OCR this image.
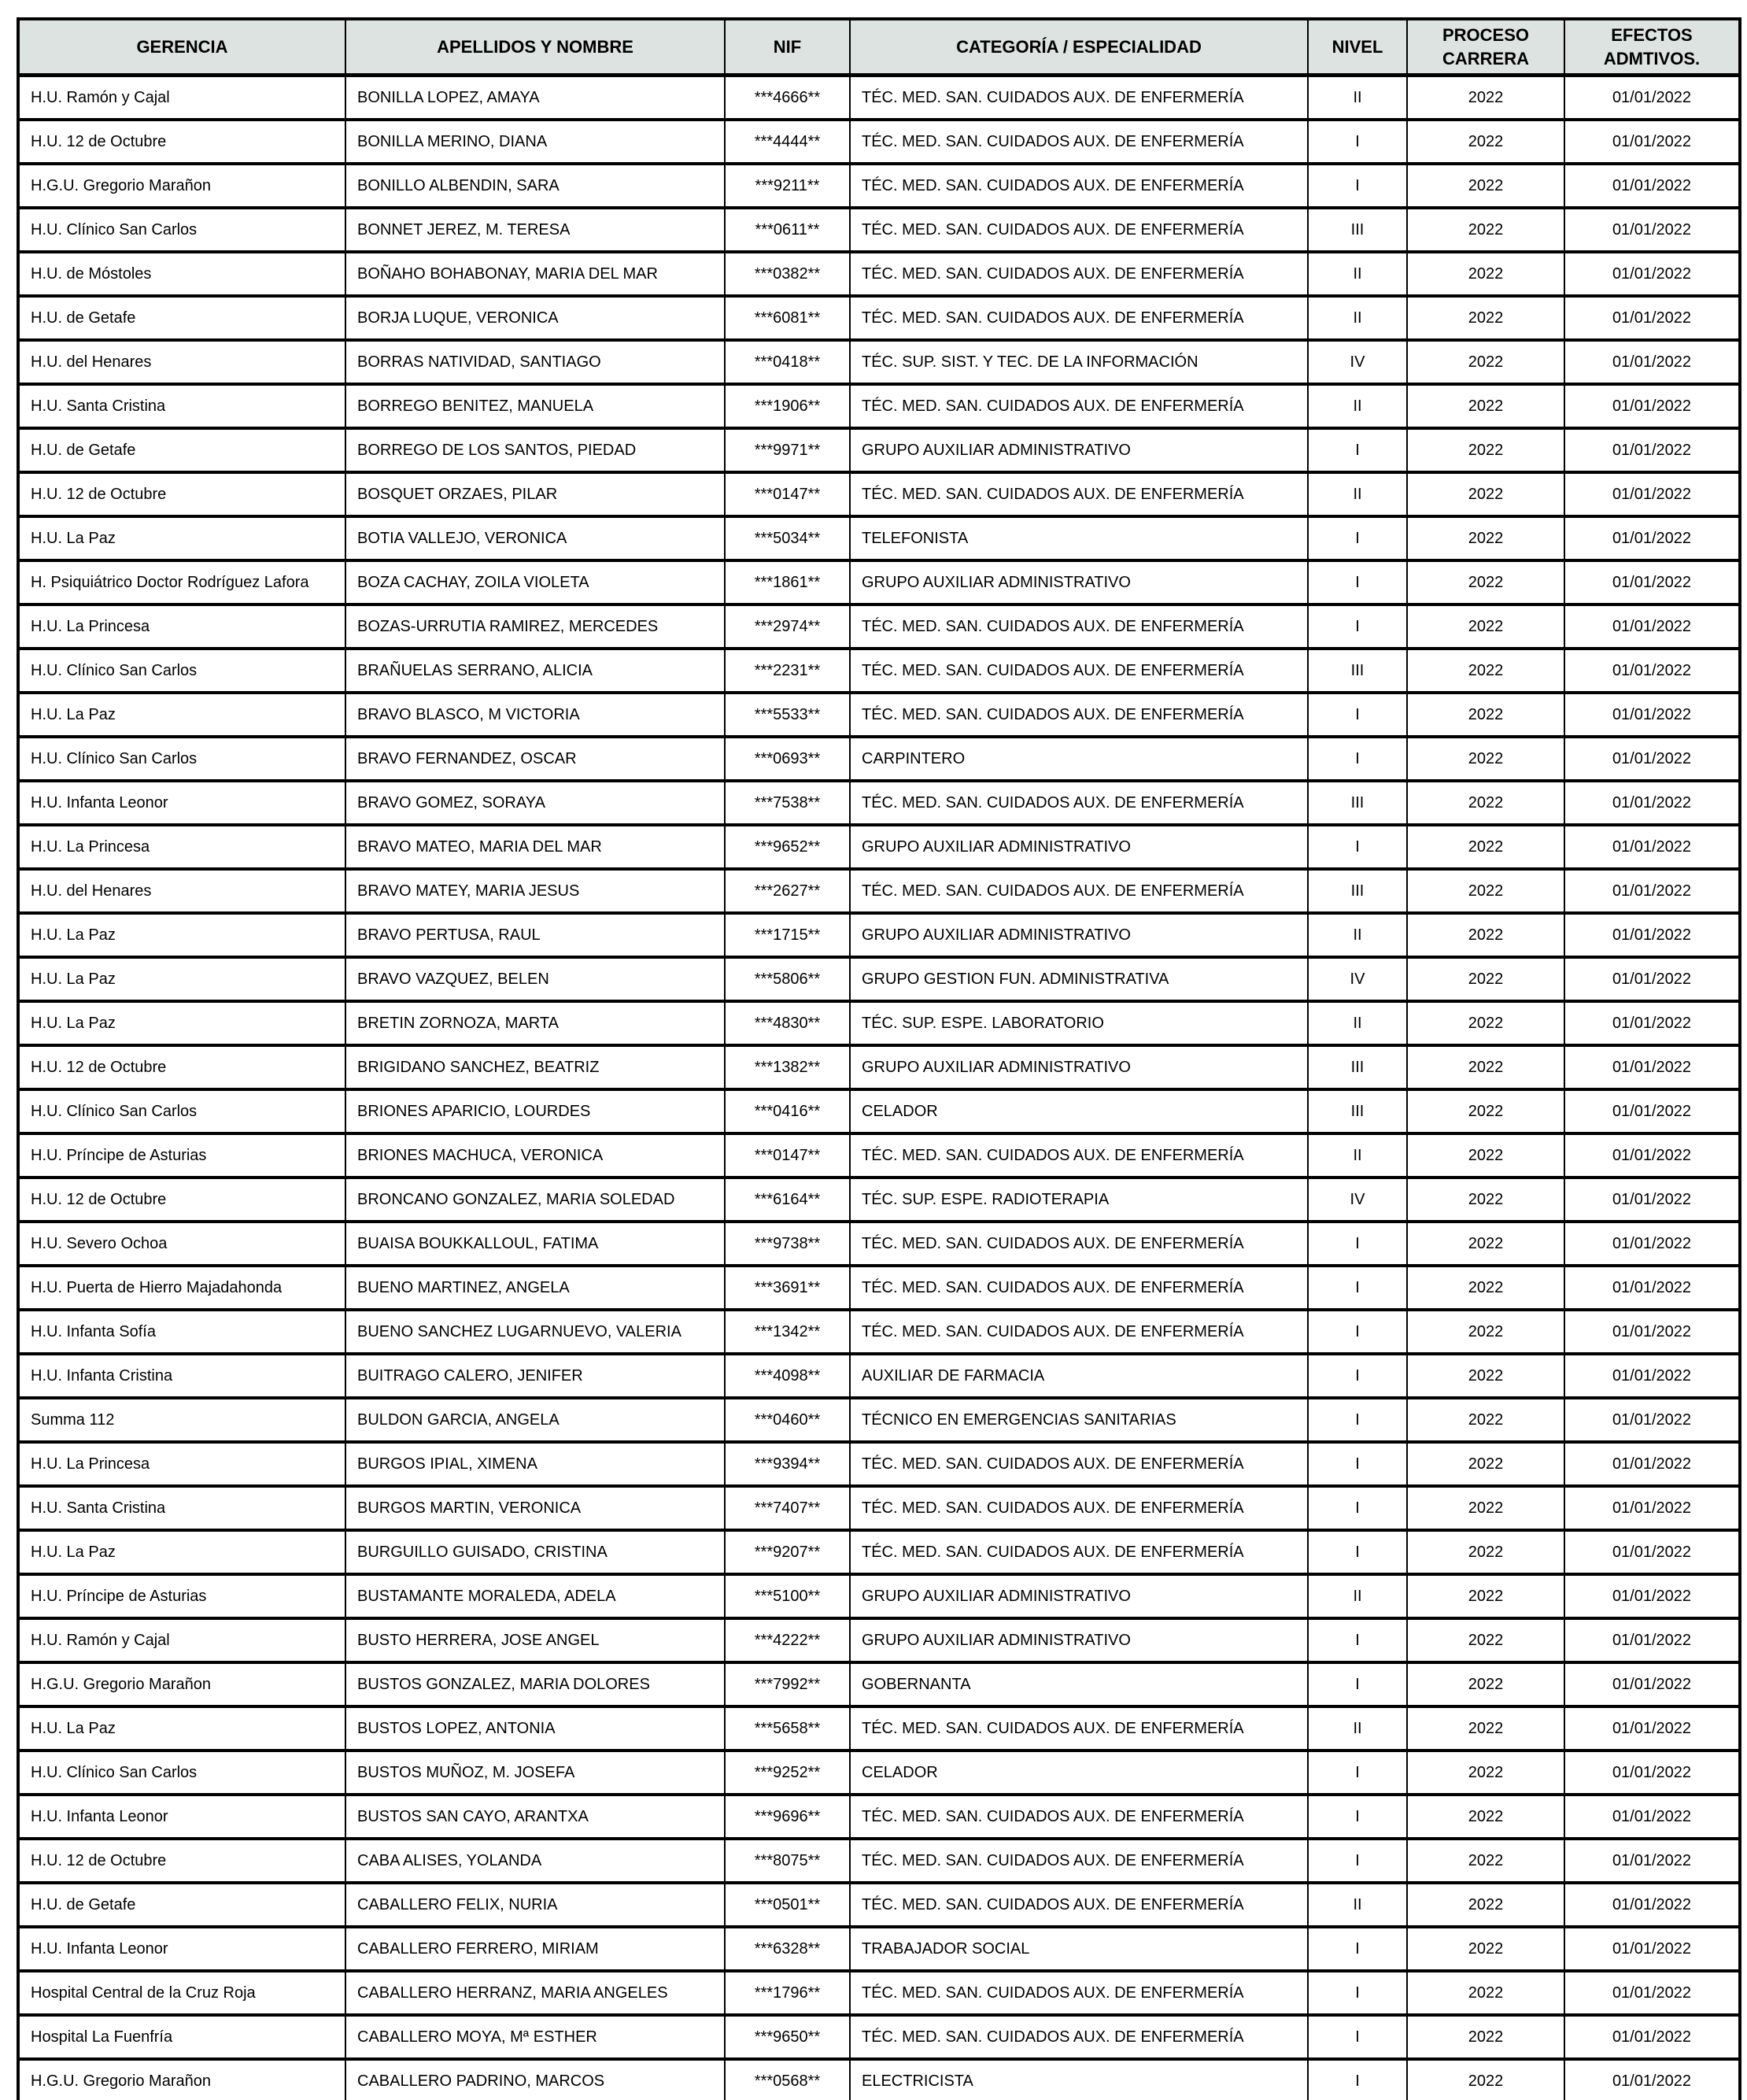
GERENCIA	APELLIDOS Y NOMBRE	NIF	CATEGORÍA / ESPECIALIDAD	NIVEL	PROCESO CARRERA	EFECTOS ADMTIVOS.
H.U. Ramón y Cajal	BONILLA LOPEZ, AMAYA	***4666**	TÉC. MED. SAN. CUIDADOS AUX. DE ENFERMERÍA	II	2022	01/01/2022
H.U. 12 de Octubre	BONILLA MERINO, DIANA	***4444**	TÉC. MED. SAN. CUIDADOS AUX. DE ENFERMERÍA	I	2022	01/01/2022
H.G.U. Gregorio Marañon	BONILLO ALBENDIN, SARA	***9211**	TÉC. MED. SAN. CUIDADOS AUX. DE ENFERMERÍA	I	2022	01/01/2022
H.U. Clínico San Carlos	BONNET JEREZ, M. TERESA	***0611**	TÉC. MED. SAN. CUIDADOS AUX. DE ENFERMERÍA	III	2022	01/01/2022
H.U. de Móstoles	BOÑAHO BOHABONAY, MARIA DEL MAR	***0382**	TÉC. MED. SAN. CUIDADOS AUX. DE ENFERMERÍA	II	2022	01/01/2022
H.U. de Getafe	BORJA LUQUE, VERONICA	***6081**	TÉC. MED. SAN. CUIDADOS AUX. DE ENFERMERÍA	II	2022	01/01/2022
H.U. del Henares	BORRAS NATIVIDAD, SANTIAGO	***0418**	TÉC. SUP. SIST. Y TEC. DE LA INFORMACIÓN	IV	2022	01/01/2022
H.U. Santa Cristina	BORREGO BENITEZ, MANUELA	***1906**	TÉC. MED. SAN. CUIDADOS AUX. DE ENFERMERÍA	II	2022	01/01/2022
H.U. de Getafe	BORREGO DE LOS SANTOS, PIEDAD	***9971**	GRUPO AUXILIAR ADMINISTRATIVO	I	2022	01/01/2022
H.U. 12 de Octubre	BOSQUET ORZAES, PILAR	***0147**	TÉC. MED. SAN. CUIDADOS AUX. DE ENFERMERÍA	II	2022	01/01/2022
H.U. La Paz	BOTIA VALLEJO, VERONICA	***5034**	TELEFONISTA	I	2022	01/01/2022
H. Psiquiátrico Doctor Rodríguez Lafora	BOZA CACHAY, ZOILA VIOLETA	***1861**	GRUPO AUXILIAR ADMINISTRATIVO	I	2022	01/01/2022
H.U. La Princesa	BOZAS-URRUTIA RAMIREZ, MERCEDES	***2974**	TÉC. MED. SAN. CUIDADOS AUX. DE ENFERMERÍA	I	2022	01/01/2022
H.U. Clínico San Carlos	BRAÑUELAS SERRANO, ALICIA	***2231**	TÉC. MED. SAN. CUIDADOS AUX. DE ENFERMERÍA	III	2022	01/01/2022
H.U. La Paz	BRAVO BLASCO, M VICTORIA	***5533**	TÉC. MED. SAN. CUIDADOS AUX. DE ENFERMERÍA	I	2022	01/01/2022
H.U. Clínico San Carlos	BRAVO FERNANDEZ, OSCAR	***0693**	CARPINTERO	I	2022	01/01/2022
H.U. Infanta Leonor	BRAVO GOMEZ, SORAYA	***7538**	TÉC. MED. SAN. CUIDADOS AUX. DE ENFERMERÍA	III	2022	01/01/2022
H.U. La Princesa	BRAVO MATEO, MARIA DEL MAR	***9652**	GRUPO AUXILIAR ADMINISTRATIVO	I	2022	01/01/2022
H.U. del Henares	BRAVO MATEY, MARIA JESUS	***2627**	TÉC. MED. SAN. CUIDADOS AUX. DE ENFERMERÍA	III	2022	01/01/2022
H.U. La Paz	BRAVO PERTUSA, RAUL	***1715**	GRUPO AUXILIAR ADMINISTRATIVO	II	2022	01/01/2022
H.U. La Paz	BRAVO VAZQUEZ, BELEN	***5806**	GRUPO GESTION FUN. ADMINISTRATIVA	IV	2022	01/01/2022
H.U. La Paz	BRETIN ZORNOZA, MARTA	***4830**	TÉC. SUP. ESPE. LABORATORIO	II	2022	01/01/2022
H.U. 12 de Octubre	BRIGIDANO SANCHEZ, BEATRIZ	***1382**	GRUPO AUXILIAR ADMINISTRATIVO	III	2022	01/01/2022
H.U. Clínico San Carlos	BRIONES APARICIO, LOURDES	***0416**	CELADOR	III	2022	01/01/2022
H.U. Príncipe de Asturias	BRIONES MACHUCA, VERONICA	***0147**	TÉC. MED. SAN. CUIDADOS AUX. DE ENFERMERÍA	II	2022	01/01/2022
H.U. 12 de Octubre	BRONCANO GONZALEZ, MARIA SOLEDAD	***6164**	TÉC. SUP. ESPE. RADIOTERAPIA	IV	2022	01/01/2022
H.U. Severo Ochoa	BUAISA BOUKKALLOUL, FATIMA	***9738**	TÉC. MED. SAN. CUIDADOS AUX. DE ENFERMERÍA	I	2022	01/01/2022
H.U. Puerta de Hierro Majadahonda	BUENO MARTINEZ, ANGELA	***3691**	TÉC. MED. SAN. CUIDADOS AUX. DE ENFERMERÍA	I	2022	01/01/2022
H.U. Infanta Sofía	BUENO SANCHEZ LUGARNUEVO, VALERIA	***1342**	TÉC. MED. SAN. CUIDADOS AUX. DE ENFERMERÍA	I	2022	01/01/2022
H.U. Infanta Cristina	BUITRAGO CALERO, JENIFER	***4098**	AUXILIAR DE FARMACIA	I	2022	01/01/2022
Summa 112	BULDON GARCIA, ANGELA	***0460**	TÉCNICO EN EMERGENCIAS SANITARIAS	I	2022	01/01/2022
H.U. La Princesa	BURGOS IPIAL, XIMENA	***9394**	TÉC. MED. SAN. CUIDADOS AUX. DE ENFERMERÍA	I	2022	01/01/2022
H.U. Santa Cristina	BURGOS MARTIN, VERONICA	***7407**	TÉC. MED. SAN. CUIDADOS AUX. DE ENFERMERÍA	I	2022	01/01/2022
H.U. La Paz	BURGUILLO GUISADO, CRISTINA	***9207**	TÉC. MED. SAN. CUIDADOS AUX. DE ENFERMERÍA	I	2022	01/01/2022
H.U. Príncipe de Asturias	BUSTAMANTE MORALEDA, ADELA	***5100**	GRUPO AUXILIAR ADMINISTRATIVO	II	2022	01/01/2022
H.U. Ramón y Cajal	BUSTO HERRERA, JOSE ANGEL	***4222**	GRUPO AUXILIAR ADMINISTRATIVO	I	2022	01/01/2022
H.G.U. Gregorio Marañon	BUSTOS GONZALEZ, MARIA DOLORES	***7992**	GOBERNANTA	I	2022	01/01/2022
H.U. La Paz	BUSTOS LOPEZ, ANTONIA	***5658**	TÉC. MED. SAN. CUIDADOS AUX. DE ENFERMERÍA	II	2022	01/01/2022
H.U. Clínico San Carlos	BUSTOS MUÑOZ, M. JOSEFA	***9252**	CELADOR	I	2022	01/01/2022
H.U. Infanta Leonor	BUSTOS SAN CAYO, ARANTXA	***9696**	TÉC. MED. SAN. CUIDADOS AUX. DE ENFERMERÍA	I	2022	01/01/2022
H.U. 12 de Octubre	CABA ALISES, YOLANDA	***8075**	TÉC. MED. SAN. CUIDADOS AUX. DE ENFERMERÍA	I	2022	01/01/2022
H.U. de Getafe	CABALLERO FELIX, NURIA	***0501**	TÉC. MED. SAN. CUIDADOS AUX. DE ENFERMERÍA	II	2022	01/01/2022
H.U. Infanta Leonor	CABALLERO FERRERO, MIRIAM	***6328**	TRABAJADOR SOCIAL	I	2022	01/01/2022
Hospital Central de la Cruz Roja	CABALLERO HERRANZ, MARIA ANGELES	***1796**	TÉC. MED. SAN. CUIDADOS AUX. DE ENFERMERÍA	I	2022	01/01/2022
Hospital La Fuenfría	CABALLERO MOYA, Mª ESTHER	***9650**	TÉC. MED. SAN. CUIDADOS AUX. DE ENFERMERÍA	I	2022	01/01/2022
H.G.U. Gregorio Marañon	CABALLERO PADRINO, MARCOS	***0568**	ELECTRICISTA	I	2022	01/01/2022
